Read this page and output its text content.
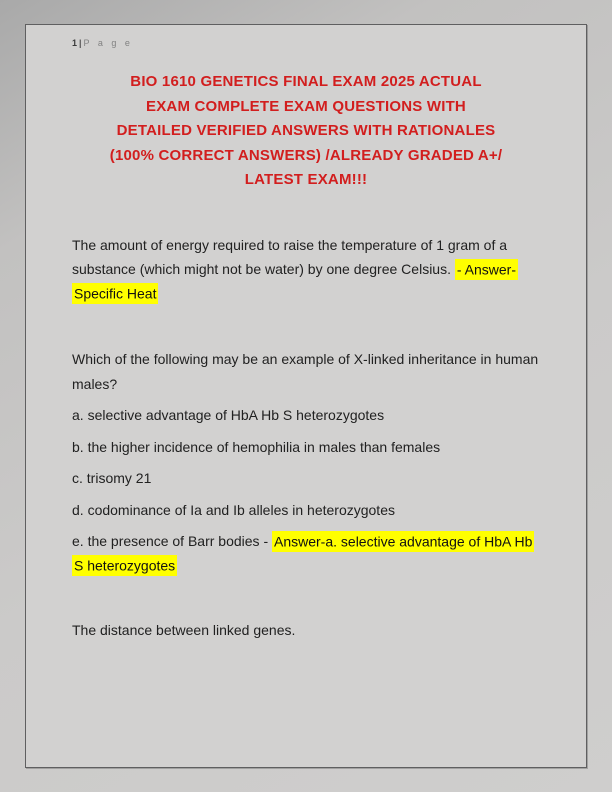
1| P a g e
BIO 1610 GENETICS FINAL EXAM 2025 ACTUAL
EXAM COMPLETE EXAM QUESTIONS WITH
DETAILED VERIFIED ANSWERS WITH RATIONALES
(100% CORRECT ANSWERS) /ALREADY GRADED A+/
LATEST EXAM!!!

The amount of energy required to raise the temperature of 1 gram of a substance (which might not be water) by one degree Celsius. - Answer-Specific Heat

Which of the following may be an example of X-linked inheritance in human males?

a. selective advantage of HbA Hb S heterozygotes

b. the higher incidence of hemophilia in males than females

c. trisomy 21

d. codominance of Ia and Ib alleles in heterozygotes

e. the presence of Barr bodies - Answer-a. selective advantage of HbA Hb S heterozygotes

The distance between linked genes.
